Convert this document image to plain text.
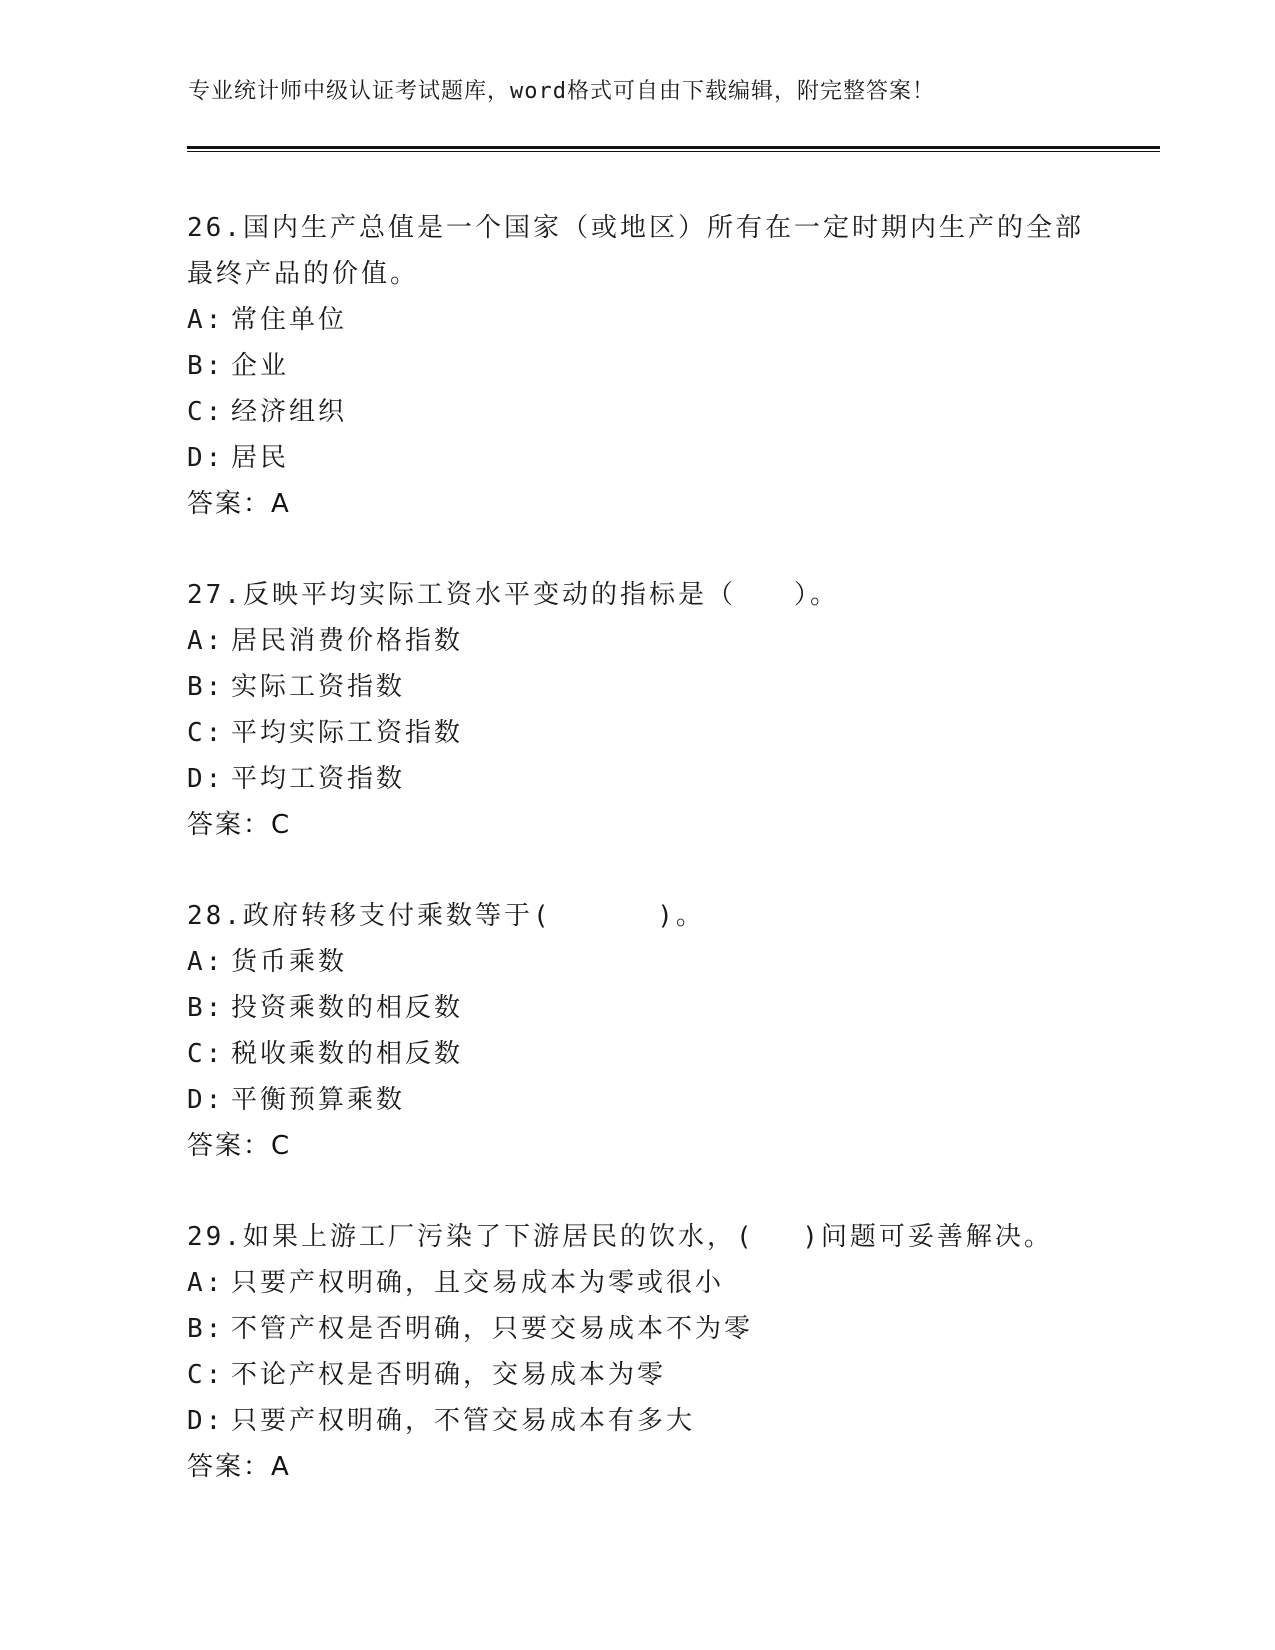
专业统计师中级认证考试题库，word格式可自由下载编辑，附完整答案！

26.国内生产总值是一个国家（或地区）所有在一定时期内生产的全部最终产品的价值。

A: 常住单位
B: 企业
C: 经济组织
D: 居民
答案：A

27.反映平均实际工资水平变动的指标是（　　）。

A: 居民消费价格指数
B: 实际工资指数
C: 平均实际工资指数
D: 平均工资指数
答案：C

28.政府转移支付乘数等于(　　　 )。

A: 货币乘数
B: 投资乘数的相反数
C: 税收乘数的相反数
D: 平衡预算乘数
答案：C

29.如果上游工厂污染了下游居民的饮水，(　 )问题可妥善解决。

A: 只要产权明确，且交易成本为零或很小
B: 不管产权是否明确，只要交易成本不为零
C: 不论产权是否明确，交易成本为零
D: 只要产权明确，不管交易成本有多大
答案：A
